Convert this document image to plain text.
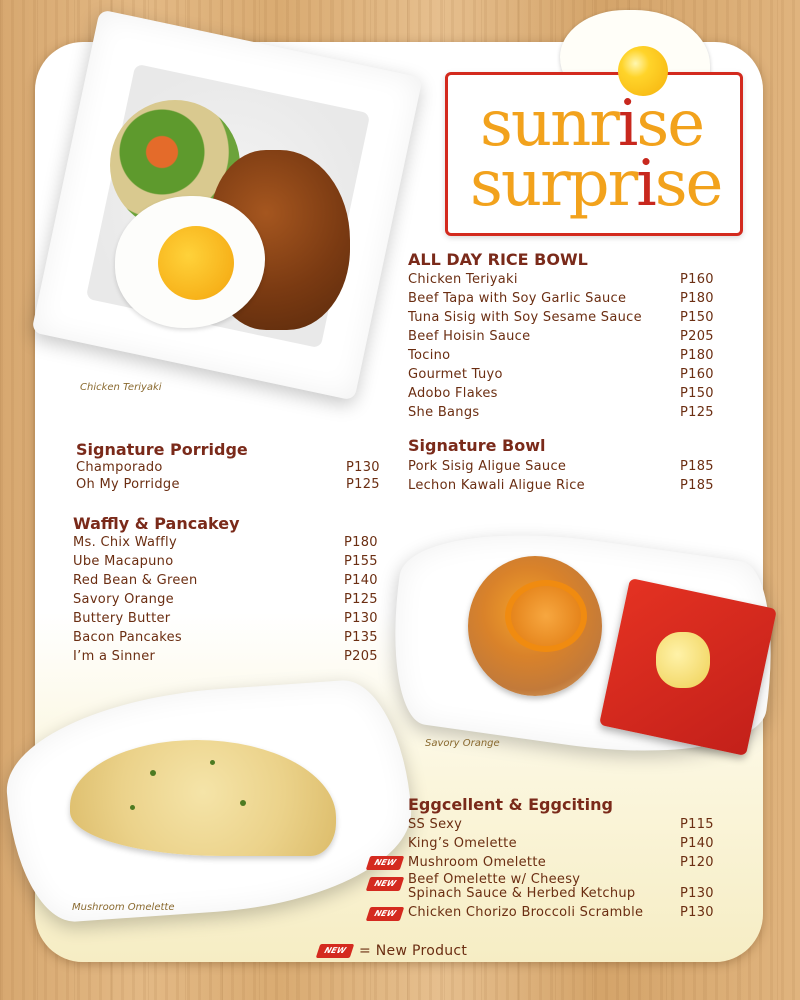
Chicken Teriyaki
sunrise
surprise
ALL DAY RICE BOWL
Chicken Teriyaki	P160
Beef Tapa with Soy Garlic Sauce	P180
Tuna Sisig with Soy Sesame Sauce	P150
Beef Hoisin Sauce	P205
Tocino	P180
Gourmet Tuyo	P160
Adobo Flakes	P150
She Bangs	P125
Signature Bowl
Pork Sisig Aligue Sauce	P185
Lechon Kawali Aligue Rice	P185
Signature Porridge
Champorado	P130
Oh My Porridge	P125
Waffly & Pancakey
Ms. Chix Waffly	P180
Ube Macapuno	P155
Red Bean & Green	P140
Savory Orange	P125
Buttery Butter	P130
Bacon Pancakes	P135
I’m a Sinner	P205
Savory Orange
Mushroom Omelette
Eggcellent & Eggciting
SS Sexy	P115
King’s Omelette	P140
NEW Mushroom Omelette	P120
NEW Beef Omelette w/ Cheesy
Spinach Sauce & Herbed Ketchup	P130
NEW Chicken Chorizo Broccoli Scramble	P130
NEW = New Product
